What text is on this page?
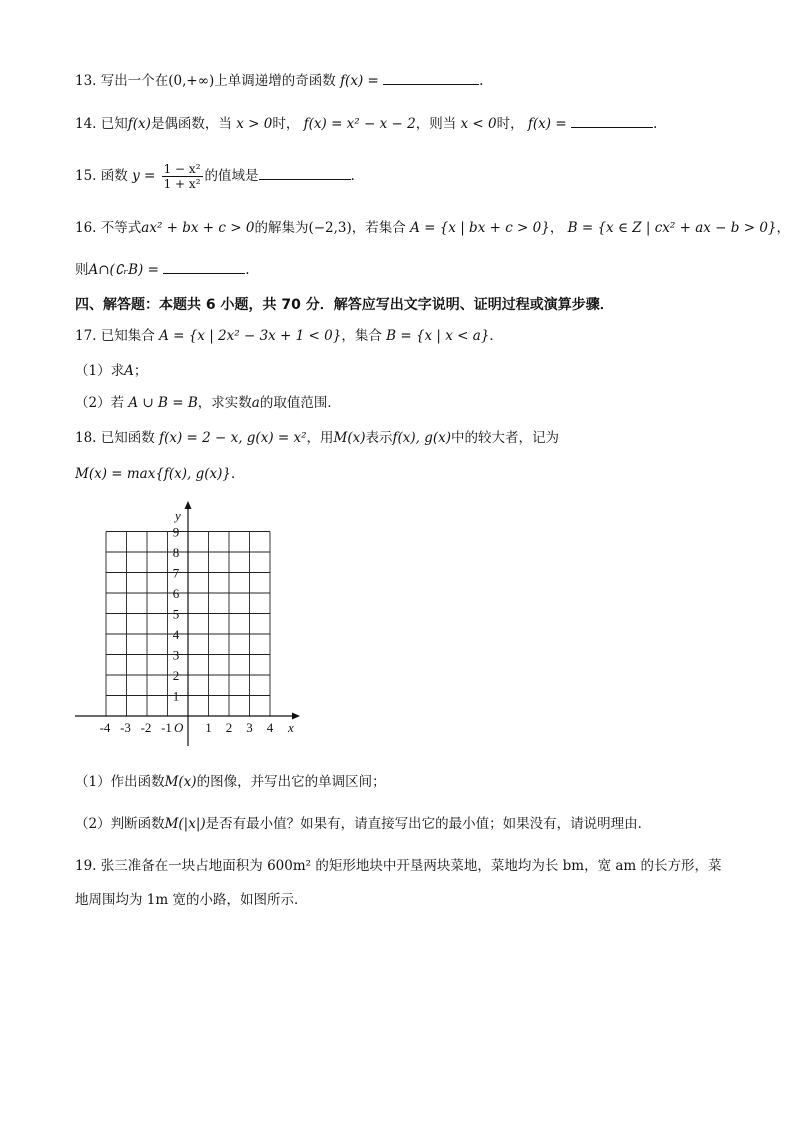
13. 写出一个在(0,+∞)上单调递增的奇函数 f(x) =	.
14. 已知f(x)是偶函数，当 x > 0时， f(x) = x² − x − 2，则当 x < 0时， f(x) =	.
15. 函数 $y = \frac{\text{1 − x²}}{\text{1 + x²}}$ 的值域是	.
16. 不等式ax² + bx + c > 0的解集为(−2,3)，若集合 A = {x | bx + c > 0}， B = {x ∈ Z | cx² + ax − b > 0}，
则A∩(∁ᵣB) =	.
四、解答题：本题共 6 小题，共 70 分．解答应写出文字说明、证明过程或演算步骤．
17. 已知集合 A = {x | 2x² − 3x + 1 < 0}，集合 B = {x | x < a}．
（1）求A；
（2）若 A ∪ B = B，求实数a的取值范围．
18. 已知函数 f(x) = 2 − x, g(x) = x²，用M(x)表示f(x), g(x)中的较大者，记为
M(x) = max{f(x), g(x)}．
y
x
O
1
2
3
4
5
6
7
8
9
-4 -3 -2 -1	1 2 3 4
（1）作出函数M(x)的图像，并写出它的单调区间；
（2）判断函数M(|x|)是否有最小值？如果有，请直接写出它的最小值；如果没有，请说明理由．
19. 张三准备在一块占地面积为 600m² 的矩形地块中开垦两块菜地，菜地均为长 bm，宽 am 的长方形，菜
地周围均为 1m 宽的小路，如图所示．
